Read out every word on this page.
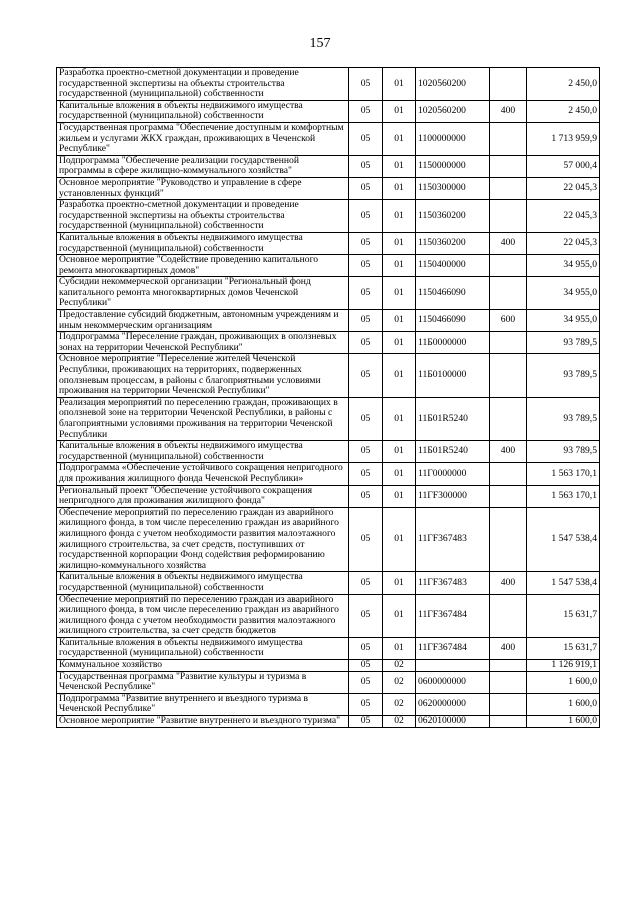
157
Разработка проектно-сметной документации и проведение государственной экспертизы на объекты строительства государственной (муниципальной) собственности	05	01	1020560200		2 450,0
Капитальные вложения в объекты недвижимого имущества государственной (муниципальной) собственности	05	01	1020560200	400	2 450,0
Государственная программа "Обеспечение доступным и комфортным жильем и услугами ЖКХ граждан, проживающих в Чеченской Республике"	05	01	1100000000		1 713 959,9
Подпрограмма "Обеспечение реализации государственной программы в сфере жилищно-коммунального хозяйства"	05	01	1150000000		57 000,4
Основное мероприятие "Руководство и управление в сфере установленных функций"	05	01	1150300000		22 045,3
Разработка проектно-сметной документации и проведение государственной экспертизы на объекты строительства государственной (муниципальной) собственности	05	01	1150360200		22 045,3
Капитальные вложения в объекты недвижимого имущества государственной (муниципальной) собственности	05	01	1150360200	400	22 045,3
Основное мероприятие "Содействие проведению капитального ремонта многоквартирных домов"	05	01	1150400000		34 955,0
Субсидии некоммерческой организации "Региональный фонд капитального ремонта многоквартирных домов Чеченской Республики"	05	01	1150466090		34 955,0
Предоставление субсидий бюджетным, автономным учреждениям и иным некоммерческим организациям	05	01	1150466090	600	34 955,0
Подпрограмма "Переселение граждан, проживающих в оползневых зонах на территории Чеченской Республики"	05	01	11Б0000000		93 789,5
Основное мероприятие "Переселение жителей Чеченской Республики, проживающих на территориях, подверженных оползневым процессам, в районы с благоприятными условиями проживания на территории Чеченской Республики"	05	01	11Б0100000		93 789,5
Реализация мероприятий по переселению граждан, проживающих в оползневой зоне на территории Чеченской Республики, в районы с благоприятными условиями проживания на территории Чеченской Республики	05	01	11Б01R5240		93 789,5
Капитальные вложения в объекты недвижимого имущества государственной (муниципальной) собственности	05	01	11Б01R5240	400	93 789,5
Подпрограмма «Обеспечение устойчивого сокращения непригодного для проживания жилищного фонда Чеченской Республики»	05	01	11Г0000000		1 563 170,1
Региональный проект "Обеспечение устойчивого сокращения непригодного для проживания жилищного фонда"	05	01	11ГF300000		1 563 170,1
Обеспечение мероприятий по переселению граждан из аварийного жилищного фонда, в том числе переселению граждан из аварийного жилищного фонда с учетом необходимости развития малоэтажного жилищного строительства, за счет средств, поступивших от государственной корпорации Фонд содействия реформированию жилищно-коммунального хозяйства	05	01	11ГF367483		1 547 538,4
Капитальные вложения в объекты недвижимого имущества государственной (муниципальной) собственности	05	01	11ГF367483	400	1 547 538,4
Обеспечение мероприятий по переселению граждан из аварийного жилищного фонда, в том числе переселению граждан из аварийного жилищного фонда с учетом необходимости развития малоэтажного жилищного строительства, за счет средств бюджетов	05	01	11ГF367484		15 631,7
Капитальные вложения в объекты недвижимого имущества государственной (муниципальной) собственности	05	01	11ГF367484	400	15 631,7
Коммунальное хозяйство	05	02			1 126 919,1
Государственная программа "Развитие культуры и туризма в Чеченской Республике"	05	02	0600000000		1 600,0
Подпрограмма "Развитие внутреннего и въездного туризма в Чеченской Республике"	05	02	0620000000		1 600,0
Основное мероприятие "Развитие внутреннего и въездного туризма"	05	02	0620100000		1 600,0
